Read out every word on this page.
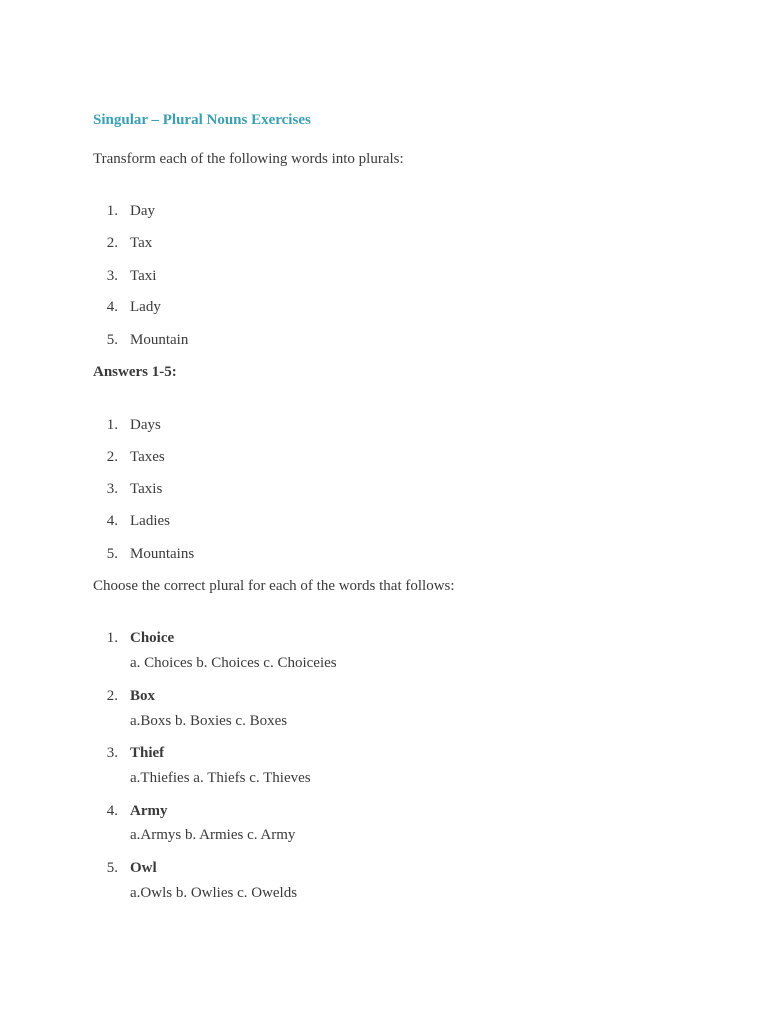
Singular – Plural Nouns Exercises
Transform each of the following words into plurals:
1. Day
2. Tax
3. Taxi
4. Lady
5. Mountain
Answers 1-5:
1. Days
2. Taxes
3. Taxis
4. Ladies
5. Mountains
Choose the correct plural for each of the words that follows:
1. Choice
a. Choices b. Choices c. Choiceies
2. Box
a.Boxs b. Boxies c. Boxes
3. Thief
a.Thiefies a. Thiefs c. Thieves
4. Army
a.Armys b. Armies c. Army
5. Owl
a.Owls b. Owlies c. Owelds
